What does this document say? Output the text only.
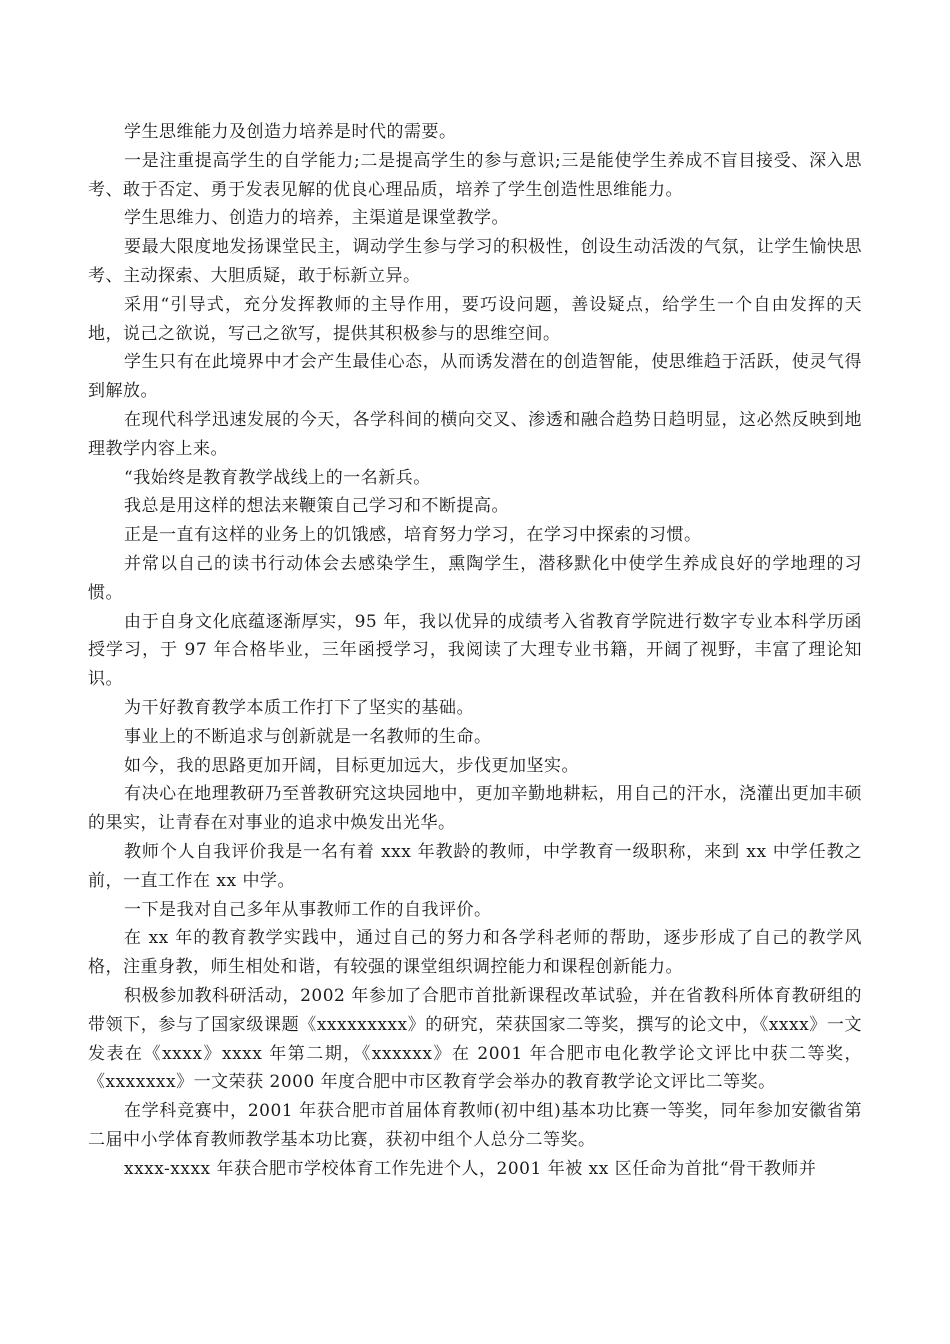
学生思维能力及创造力培养是时代的需要。

一是注重提高学生的自学能力;二是提高学生的参与意识;三是能使学生养成不盲目接受、深入思考、敢于否定、勇于发表见解的优良心理品质，培养了学生创造性思维能力。

学生思维力、创造力的培养，主渠道是课堂教学。

要最大限度地发扬课堂民主，调动学生参与学习的积极性，创设生动活泼的气氛，让学生愉快思考、主动探索、大胆质疑，敢于标新立异。

采用“引导式，充分发挥教师的主导作用，要巧设问题，善设疑点，给学生一个自由发挥的天地，说己之欲说，写己之欲写，提供其积极参与的思维空间。

学生只有在此境界中才会产生最佳心态，从而诱发潜在的创造智能，使思维趋于活跃，使灵气得到解放。

在现代科学迅速发展的今天，各学科间的横向交叉、渗透和融合趋势日趋明显，这必然反映到地理教学内容上来。

“我始终是教育教学战线上的一名新兵。

我总是用这样的想法来鞭策自己学习和不断提高。

正是一直有这样的业务上的饥饿感，培育努力学习，在学习中探索的习惯。

并常以自己的读书行动体会去感染学生，熏陶学生，潜移默化中使学生养成良好的学地理的习惯。

由于自身文化底蕴逐渐厚实，95 年，我以优异的成绩考入省教育学院进行数字专业本科学历函授学习，于 97 年合格毕业，三年函授学习，我阅读了大理专业书籍，开阔了视野，丰富了理论知识。

为干好教育教学本质工作打下了坚实的基础。

事业上的不断追求与创新就是一名教师的生命。

如今，我的思路更加开阔，目标更加远大，步伐更加坚实。

有决心在地理教研乃至普教研究这块园地中，更加辛勤地耕耘，用自己的汗水，浇灌出更加丰硕的果实，让青春在对事业的追求中焕发出光华。

教师个人自我评价我是一名有着 xxx 年教龄的教师，中学教育一级职称，来到 xx 中学任教之前，一直工作在 xx 中学。

一下是我对自己多年从事教师工作的自我评价。

在 xx 年的教育教学实践中，通过自己的努力和各学科老师的帮助，逐步形成了自己的教学风格，注重身教，师生相处和谐，有较强的课堂组织调控能力和课程创新能力。

积极参加教科研活动，2002 年参加了合肥市首批新课程改革试验，并在省教科所体育教研组的带领下，参与了国家级课题《xxxxxxxxx》的研究，荣获国家二等奖，撰写的论文中，《xxxx》一文发表在《xxxx》xxxx 年第二期，《xxxxxx》在 2001 年合肥市电化教学论文评比中获二等奖，《xxxxxxx》一文荣获 2000 年度合肥中市区教育学会举办的教育教学论文评比二等奖。

在学科竞赛中，2001 年获合肥市首届体育教师(初中组)基本功比赛一等奖，同年参加安徽省第二届中小学体育教师教学基本功比赛，获初中组个人总分二等奖。

xxxx-xxxx 年获合肥市学校体育工作先进个人，2001 年被 xx 区任命为首批“骨干教师并
